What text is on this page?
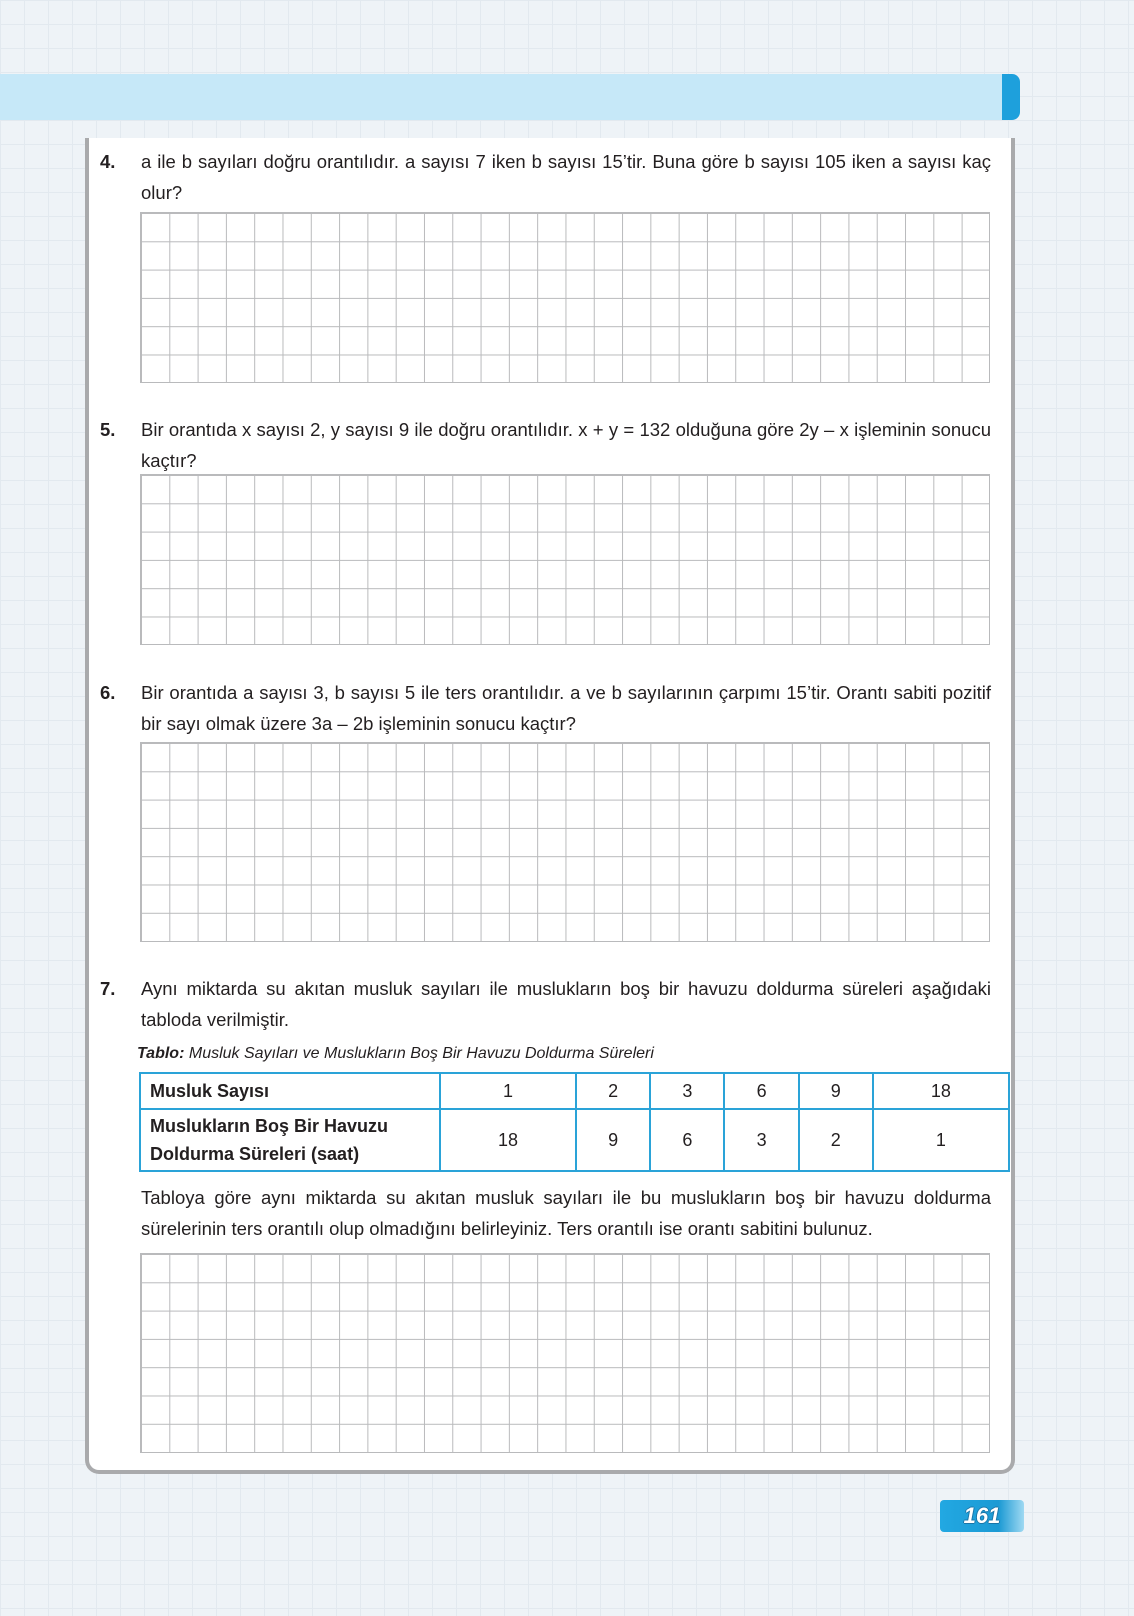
4. a ile b sayıları doğru orantılıdır. a sayısı 7 iken b sayısı 15’tir. Buna göre b sayısı 105 iken a sayısı kaç olur?
5. Bir orantıda x sayısı 2, y sayısı 9 ile doğru orantılıdır. x + y = 132 olduğuna göre 2y – x işleminin sonucu kaçtır?
6. Bir orantıda a sayısı 3, b sayısı 5 ile ters orantılıdır. a ve b sayılarının çarpımı 15’tir. Orantı sabiti pozitif bir sayı olmak üzere 3a – 2b işleminin sonucu kaçtır?
7. Aynı miktarda su akıtan musluk sayıları ile muslukların boş bir havuzu doldurma süreleri aşağıdaki tabloda verilmiştir.
Tablo: Musluk Sayıları ve Muslukların Boş Bir Havuzu Doldurma Süreleri
Musluk Sayısı	1	2	3	6	9	18

Muslukların Boş Bir Havuzu
Doldurma Süreleri (saat)	18	9	6	3	2	1
Tabloya göre aynı miktarda su akıtan musluk sayıları ile bu muslukların boş bir havuzu doldurma sürelerinin ters orantılı olup olmadığını belirleyiniz. Ters orantılı ise orantı sabitini bulunuz.
161
